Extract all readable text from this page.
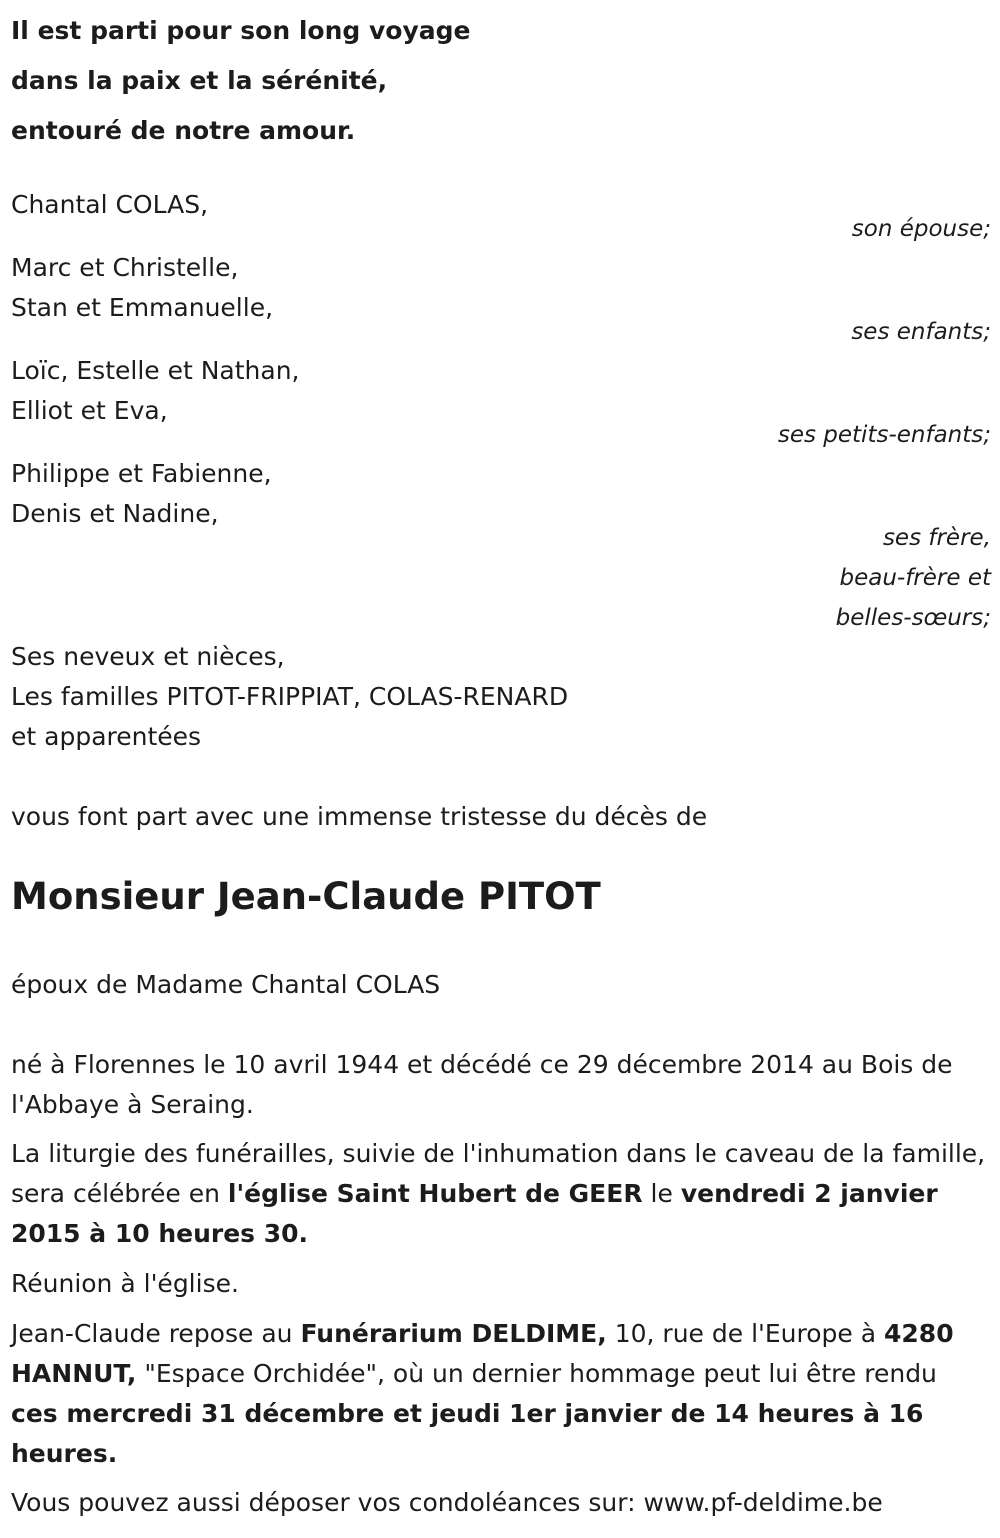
Il est parti pour son long voyage
dans la paix et la sérénité,
entouré de notre amour.
Chantal COLAS,
son épouse;
Marc et Christelle,
Stan et Emmanuelle,
ses enfants;
Loïc, Estelle et Nathan,
Elliot et Eva,
ses petits-enfants;
Philippe et Fabienne,
Denis et Nadine,
ses frère,
beau-frère et
belles-sœurs;
Ses neveux et nièces,
Les familles PITOT-FRIPPIAT, COLAS-RENARD
et apparentées
vous font part avec une immense tristesse du décès de
Monsieur Jean-Claude PITOT
époux de Madame Chantal COLAS
né à Florennes le 10 avril 1944 et décédé ce 29 décembre 2014 au Bois de l'Abbaye à Seraing.
La liturgie des funérailles, suivie de l'inhumation dans le caveau de la famille, sera célébrée en l'église Saint Hubert de GEER le vendredi 2 janvier 2015 à 10 heures 30.
Réunion à l'église.
Jean-Claude repose au Funérarium DELDIME, 10, rue de l'Europe à 4280 HANNUT, "Espace Orchidée", où un dernier hommage peut lui être rendu ces mercredi 31 décembre et jeudi 1er janvier de 14 heures à 16 heures.
Vous pouvez aussi déposer vos condoléances sur: www.pf-deldime.be
